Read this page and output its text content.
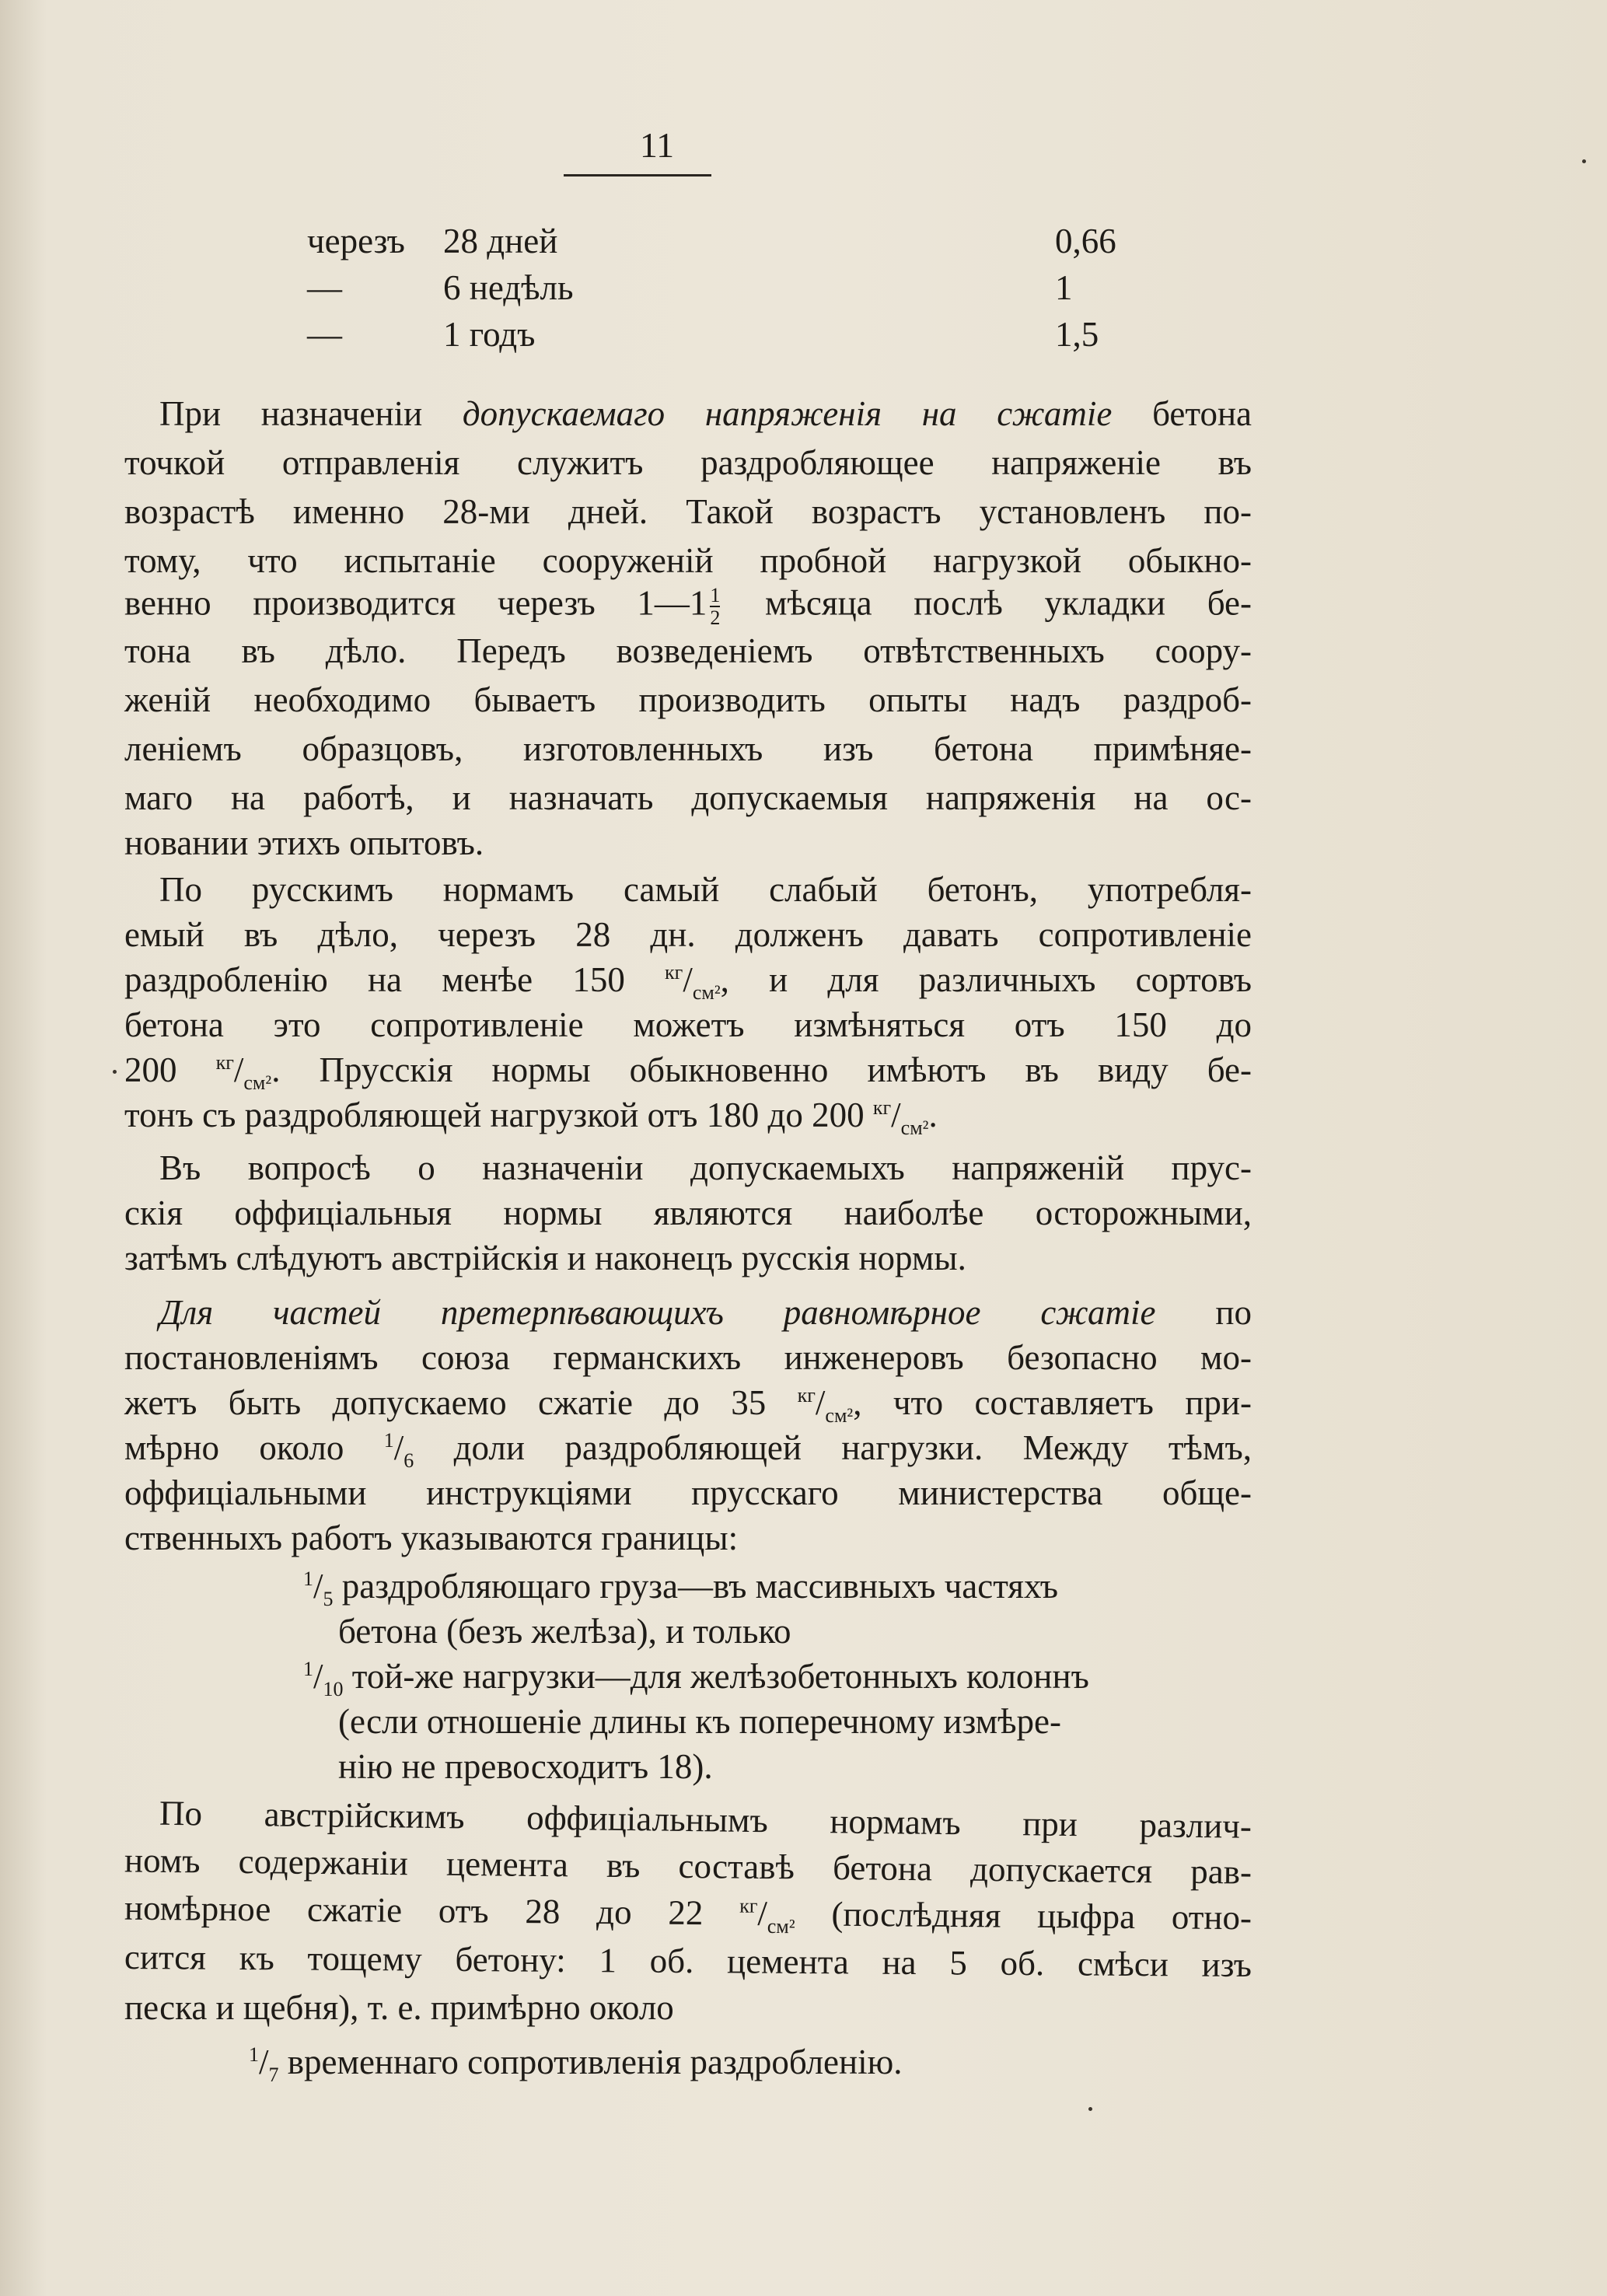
11
черезъ	28 дней	0,66
—	6 недѣль	1
—	1 годъ	1,5
При назначеніи допускаемаго напряженія на сжатіе бетона
точкой отправленія служитъ раздробляющее напряженіе въ
возрастѣ именно 28-ми дней. Такой возрастъ установленъ по-
тому, что испытаніе сооруженій пробной нагрузкой обыкно-
венно производится черезъ 1—1 $\frac{1}{2}$ мѣсяца послѣ укладки бе-
тона въ дѣло. Передъ возведеніемъ отвѣтственныхъ соору-
женій необходимо бываетъ производить опыты надъ раздроб-
леніемъ образцовъ, изготовленныхъ изъ бетона примѣняе-
маго на работѣ, и назначать допускаемыя напряженія на ос-
новании этихъ опытовъ.
По русскимъ нормамъ самый слабый бетонъ, употребля-
емый въ дѣло, черезъ 28 дн. долженъ давать сопротивленіе
раздробленію на менѣе 150 $^{кг}/_{см^2}$, и для различныхъ сортовъ
бетона это сопротивленіе можетъ измѣняться отъ 150 до
200 $^{кг}/_{см^2}$. Прусскія нормы обыкновенно имѣютъ въ виду бе-
тонъ съ раздробляющей нагрузкой отъ 180 до 200 $^{кг}/_{см^2}$.
Въ вопросѣ о назначеніи допускаемыхъ напряженій прус-
скія оффиціальныя нормы являются наиболѣе осторожными,
затѣмъ слѣдуютъ австрійскія и наконецъ русскія нормы.
Для частей претерпѣвающихъ равномѣрное сжатіе по
постановленіямъ союза германскихъ инженеровъ безопасно мо-
жетъ быть допускаемо сжатіе до 35 $^{кг}/_{см^2}$, что составляетъ при-
мѣрно около $^1/_6$ доли раздробляющей нагрузки. Между тѣмъ,
оффиціальными инструкціями прусскаго министерства обще-
ственныхъ работъ указываются границы:
$^1/_5$ раздробляющаго груза—въ массивныхъ частяхъ
бетона (безъ желѣза), и только
$^1/_{10}$ той-же нагрузки—для желѣзобетонныхъ колоннъ
(если отношеніе длины къ поперечному измѣре-
нію не превосходитъ 18).
По австрійскимъ оффиціальнымъ нормамъ при различ-
номъ содержаніи цемента въ составѣ бетона допускается рав-
номѣрное сжатіе отъ 28 до 22 $^{кг}/_{см^2}$ (послѣдняя цыфра отно-
сится къ тощему бетону: 1 об. цемента на 5 об. смѣси изъ
песка и щебня), т. е. примѣрно около
$^1/_7$ временнаго сопротивленія раздробленію.
